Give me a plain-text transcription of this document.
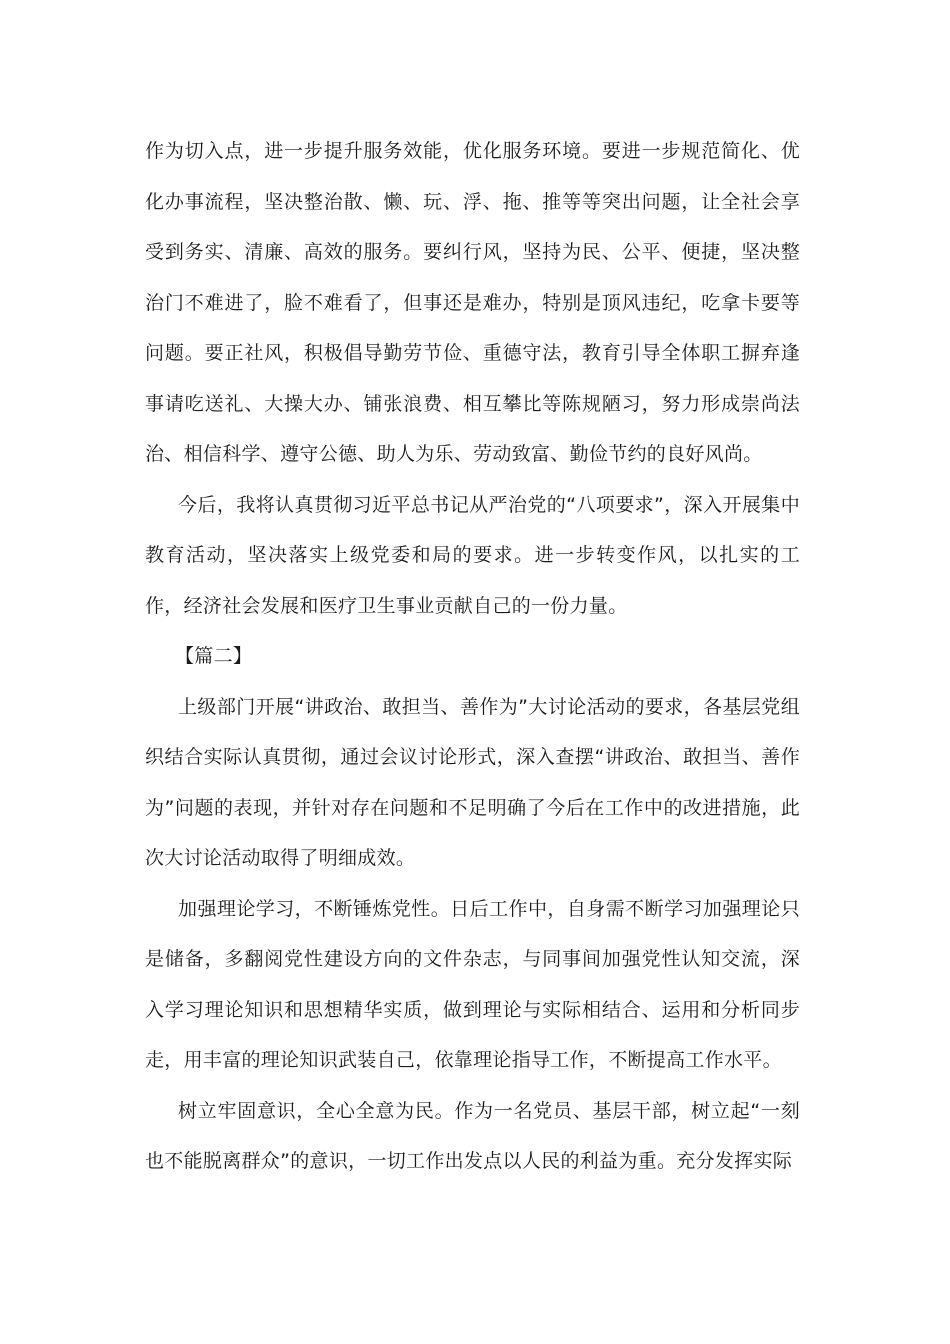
作为切入点，进一步提升服务效能，优化服务环境。要进一步规范简化、优化办事流程，坚决整治散、懒、玩、浮、拖、推等等突出问题，让全社会享受到务实、清廉、高效的服务。要纠行风，坚持为民、公平、便捷，坚决整治门不难进了，脸不难看了，但事还是难办，特别是顶风违纪，吃拿卡要等问题。要正社风，积极倡导勤劳节俭、重德守法，教育引导全体职工摒弃逢事请吃送礼、大操大办、铺张浪费、相互攀比等陈规陋习，努力形成崇尚法治、相信科学、遵守公德、助人为乐、劳动致富、勤俭节约的良好风尚。

今后，我将认真贯彻习近平总书记从严治党的“八项要求”，深入开展集中教育活动，坚决落实上级党委和局的要求。进一步转变作风，以扎实的工作，经济社会发展和医疗卫生事业贡献自己的一份力量。

【篇二】

上级部门开展“讲政治、敢担当、善作为”大讨论活动的要求，各基层党组织结合实际认真贯彻，通过会议讨论形式，深入查摆“讲政治、敢担当、善作为”问题的表现，并针对存在问题和不足明确了今后在工作中的改进措施，此次大讨论活动取得了明细成效。

加强理论学习，不断锤炼党性。日后工作中，自身需不断学习加强理论只是储备，多翻阅党性建设方向的文件杂志，与同事间加强党性认知交流，深入学习理论知识和思想精华实质，做到理论与实际相结合、运用和分析同步走，用丰富的理论知识武装自己，依靠理论指导工作，不断提高工作水平。

树立牢固意识，全心全意为民。作为一名党员、基层干部，树立起“一刻也不能脱离群众”的意识，一切工作出发点以人民的利益为重。充分发挥实际
